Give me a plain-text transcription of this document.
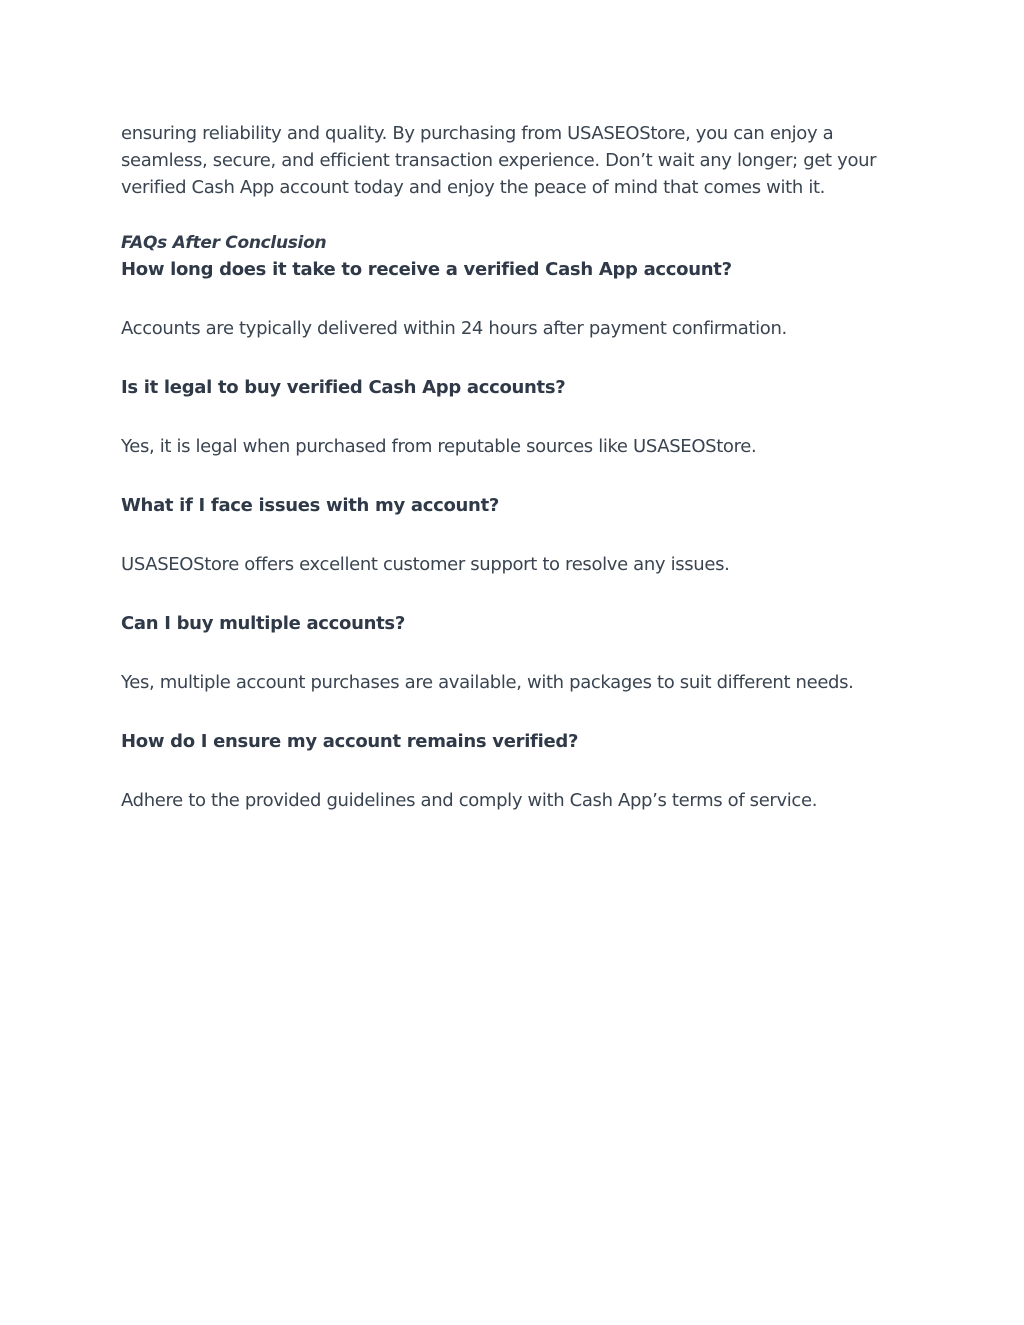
ensuring reliability and quality. By purchasing from USASEOStore, you can enjoy a

seamless, secure, and efficient transaction experience. Don’t wait any longer; get your

verified Cash App account today and enjoy the peace of mind that comes with it.

FAQs After Conclusion

How long does it take to receive a verified Cash App account?

Accounts are typically delivered within 24 hours after payment confirmation.

Is it legal to buy verified Cash App accounts?

Yes, it is legal when purchased from reputable sources like USASEOStore.

What if I face issues with my account?

USASEOStore offers excellent customer support to resolve any issues.

Can I buy multiple accounts?

Yes, multiple account purchases are available, with packages to suit different needs.

How do I ensure my account remains verified?

Adhere to the provided guidelines and comply with Cash App’s terms of service.
